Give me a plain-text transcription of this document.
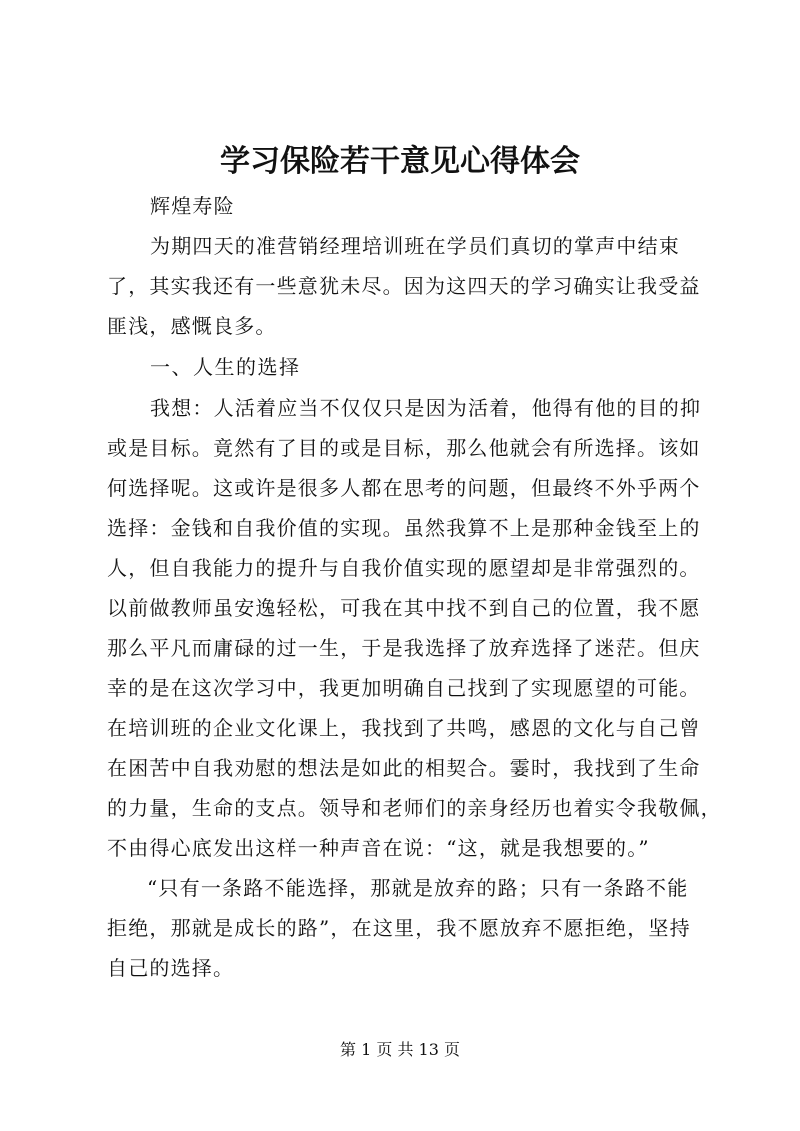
学习保险若干意见心得体会
辉煌寿险
为期四天的准营销经理培训班在学员们真切的掌声中结束
了，其实我还有一些意犹未尽。因为这四天的学习确实让我受益
匪浅，感慨良多。
一、人生的选择
我想：人活着应当不仅仅只是因为活着，他得有他的目的抑
或是目标。竟然有了目的或是目标，那么他就会有所选择。该如
何选择呢。这或许是很多人都在思考的问题，但最终不外乎两个
选择：金钱和自我价值的实现。虽然我算不上是那种金钱至上的
人，但自我能力的提升与自我价值实现的愿望却是非常强烈的。
以前做教师虽安逸轻松，可我在其中找不到自己的位置，我不愿
那么平凡而庸碌的过一生，于是我选择了放弃选择了迷茫。但庆
幸的是在这次学习中，我更加明确自己找到了实现愿望的可能。
在培训班的企业文化课上，我找到了共鸣，感恩的文化与自己曾
在困苦中自我劝慰的想法是如此的相契合。霎时，我找到了生命
的力量，生命的支点。领导和老师们的亲身经历也着实令我敬佩，
不由得心底发出这样一种声音在说：“这，就是我想要的。”
“只有一条路不能选择，那就是放弃的路；只有一条路不能
拒绝，那就是成长的路”，在这里，我不愿放弃不愿拒绝，坚持
自己的选择。
第 1 页 共 13 页
